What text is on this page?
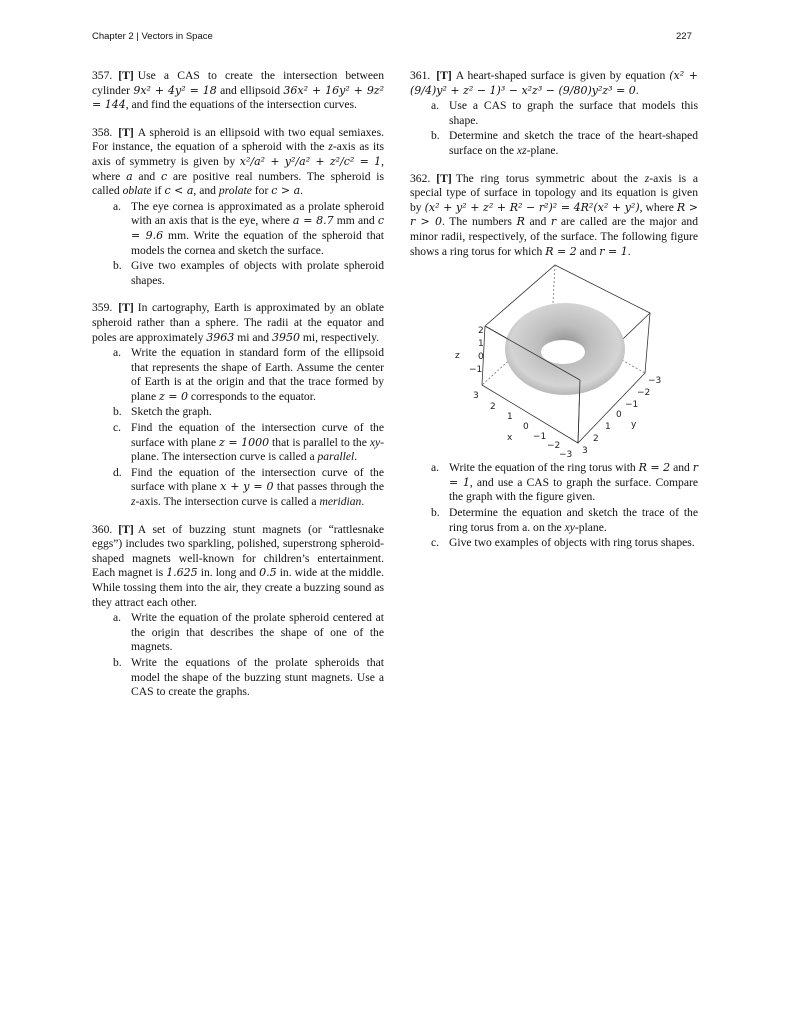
Chapter 2 | Vectors in Space	227

357. [T] Use a CAS to create the intersection between cylinder 9x² + 4y² = 18 and ellipsoid 36x² + 16y² + 9z² = 144, and find the equations of the intersection curves.

358. [T] A spheroid is an ellipsoid with two equal semiaxes. For instance, the equation of a spheroid with the z-axis as its axis of symmetry is given by x²/a² + y²/a² + z²/c² = 1, where a and c are positive real numbers. The spheroid is called oblate if c < a, and prolate for c > a.

a. The eye cornea is approximated as a prolate spheroid with an axis that is the eye, where a = 8.7 mm and c = 9.6 mm. Write the equation of the spheroid that models the cornea and sketch the surface.
b. Give two examples of objects with prolate spheroid shapes.

359. [T] In cartography, Earth is approximated by an oblate spheroid rather than a sphere. The radii at the equator and poles are approximately 3963 mi and 3950 mi, respectively.

a. Write the equation in standard form of the ellipsoid that represents the shape of Earth. Assume the center of Earth is at the origin and that the trace formed by plane z = 0 corresponds to the equator.
b. Sketch the graph.
c. Find the equation of the intersection curve of the surface with plane z = 1000 that is parallel to the xy-plane. The intersection curve is called a parallel.
d. Find the equation of the intersection curve of the surface with plane x + y = 0 that passes through the z-axis. The intersection curve is called a meridian.

360. [T] A set of buzzing stunt magnets (or “rattlesnake eggs”) includes two sparkling, polished, superstrong spheroid-shaped magnets well-known for children’s entertainment. Each magnet is 1.625 in. long and 0.5 in. wide at the middle. While tossing them into the air, they create a buzzing sound as they attract each other.

a. Write the equation of the prolate spheroid centered at the origin that describes the shape of one of the magnets.
b. Write the equations of the prolate spheroids that model the shape of the buzzing stunt magnets. Use a CAS to create the graphs.

361. [T] A heart-shaped surface is given by equation (x² + (9/4)y² + z² − 1)³ − x²z³ − (9/80)y²z³ = 0.

a. Use a CAS to graph the surface that models this shape.
b. Determine and sketch the trace of the heart-shaped surface on the xz-plane.

362. [T] The ring torus symmetric about the z-axis is a special type of surface in topology and its equation is given by (x² + y² + z² + R² − r²)² = 4R²(x² + y²), where R > r > 0. The numbers R and r are called are the major and minor radii, respectively, of the surface. The following figure shows a ring torus for which R = 2 and r = 1.

2
1
0
−1
z
3
2
1
0
−1
−2
−3
x
−3
−2
−1
0
1
2
3
y
a. Write the equation of the ring torus with R = 2 and r = 1, and use a CAS to graph the surface. Compare the graph with the figure given.
b. Determine the equation and sketch the trace of the ring torus from a. on the xy-plane.
c. Give two examples of objects with ring torus shapes.
